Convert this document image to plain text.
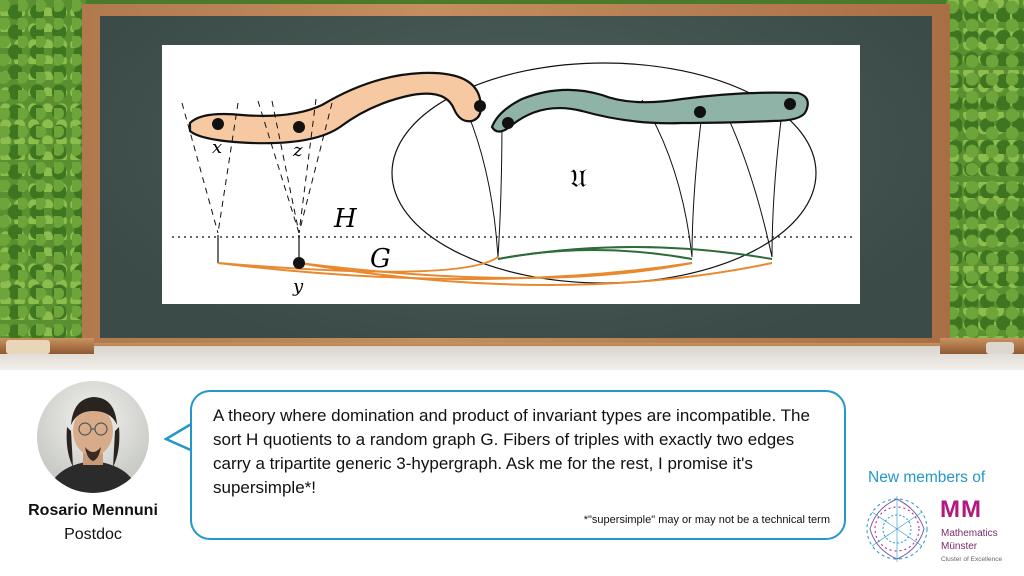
x	z
y
H
G
𝔘
Rosario Mennuni
Postdoc
A theory where domination and product of invariant types are incompatible. The sort H quotients to a random graph G. Fibers of triples with exactly two edges carry a tripartite generic 3-hypergraph. Ask me for the rest, I promise it's supersimple*!
*"supersimple" may or may not be a technical term
New members of
MM
Mathematics
Münster
Cluster of Excellence
